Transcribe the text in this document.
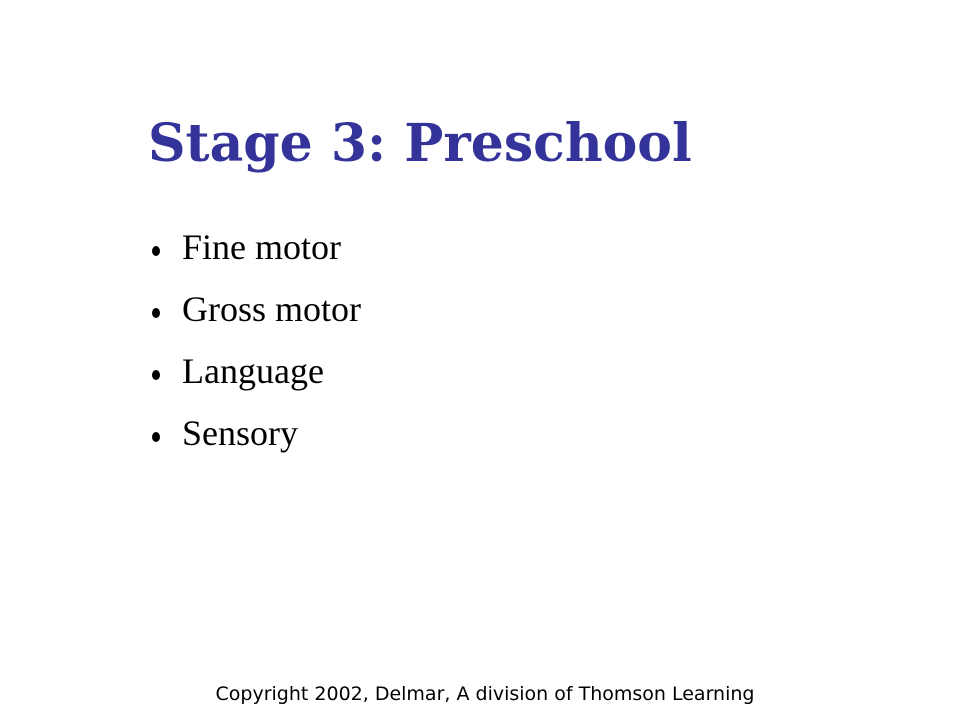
Stage 3: Preschool
Fine motor
Gross motor
Language
Sensory
Copyright 2002, Delmar, A division of Thomson Learning
